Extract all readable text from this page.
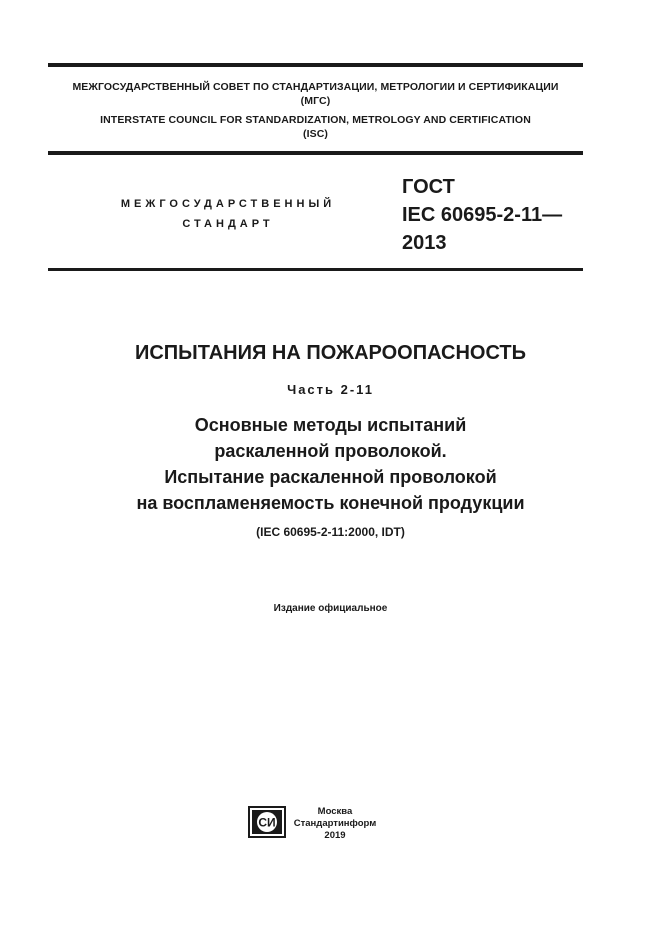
МЕЖГОСУДАРСТВЕННЫЙ СОВЕТ ПО СТАНДАРТИЗАЦИИ, МЕТРОЛОГИИ И СЕРТИФИКАЦИИ
(МГС)
INTERSTATE COUNCIL FOR STANDARDIZATION, METROLOGY AND CERTIFICATION
(ISC)
МЕЖГОСУДАРСТВЕННЫЙ
СТАНДАРТ
ГОСТ
IEC 60695-2-11—
2013
ИСПЫТАНИЯ НА ПОЖАРООПАСНОСТЬ
Часть 2-11
Основные методы испытаний
раскаленной проволокой.
Испытание раскаленной проволокой
на воспламеняемость конечной продукции
(IEC 60695-2-11:2000, IDT)
Издание официальное
СИ
Москва
Стандартинформ
2019
